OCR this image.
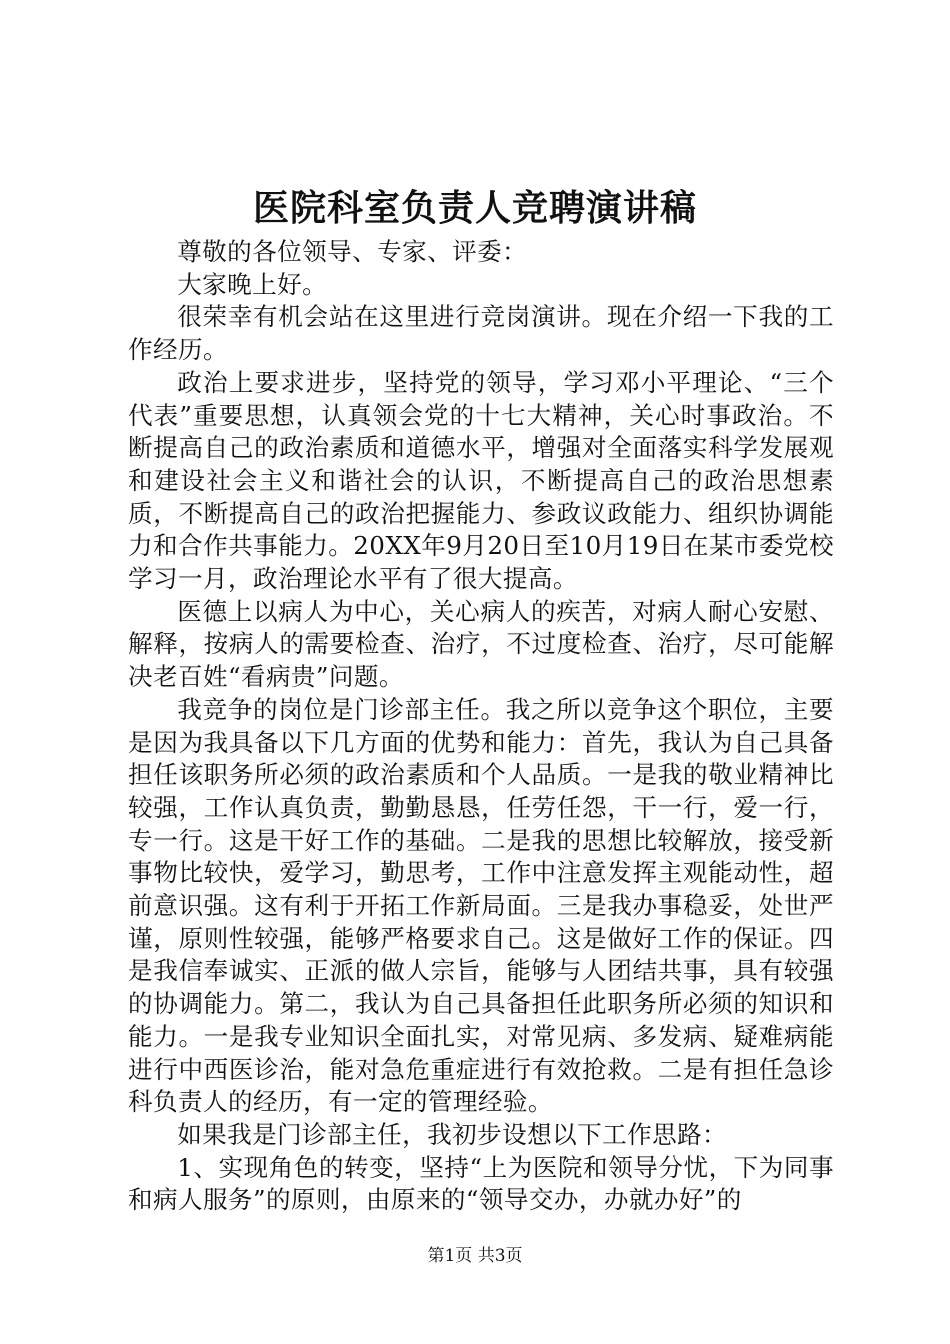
医院科室负责人竞聘演讲稿

尊敬的各位领导、专家、评委：

大家晚上好。

很荣幸有机会站在这里进行竞岗演讲。现在介绍一下我的工作经历。

政治上要求进步，坚持党的领导，学习邓小平理论、“三个代表”重要思想，认真领会党的十七大精神，关心时事政治。不断提高自己的政治素质和道德水平，增强对全面落实科学发展观和建设社会主义和谐社会的认识，不断提高自己的政治思想素质，不断提高自己的政治把握能力、参政议政能力、组织协调能力和合作共事能力。20XX年9月20日至10月19日在某市委党校学习一月，政治理论水平有了很大提高。

医德上以病人为中心，关心病人的疾苦，对病人耐心安慰、解释，按病人的需要检查、治疗，不过度检查、治疗，尽可能解决老百姓“看病贵”问题。

我竞争的岗位是门诊部主任。我之所以竞争这个职位，主要是因为我具备以下几方面的优势和能力：首先，我认为自己具备担任该职务所必须的政治素质和个人品质。一是我的敬业精神比较强，工作认真负责，勤勤恳恳，任劳任怨，干一行，爱一行，专一行。这是干好工作的基础。二是我的思想比较解放，接受新事物比较快，爱学习，勤思考，工作中注意发挥主观能动性，超前意识强。这有利于开拓工作新局面。三是我办事稳妥，处世严谨，原则性较强，能够严格要求自己。这是做好工作的保证。四是我信奉诚实、正派的做人宗旨，能够与人团结共事，具有较强的协调能力。第二，我认为自己具备担任此职务所必须的知识和能力。一是我专业知识全面扎实，对常见病、多发病、疑难病能进行中西医诊治，能对急危重症进行有效抢救。二是有担任急诊科负责人的经历，有一定的管理经验。

如果我是门诊部主任，我初步设想以下工作思路：

1、实现角色的转变，坚持“上为医院和领导分忧，下为同事和病人服务”的原则，由原来的“领导交办，办就办好”的

第1页 共3页
